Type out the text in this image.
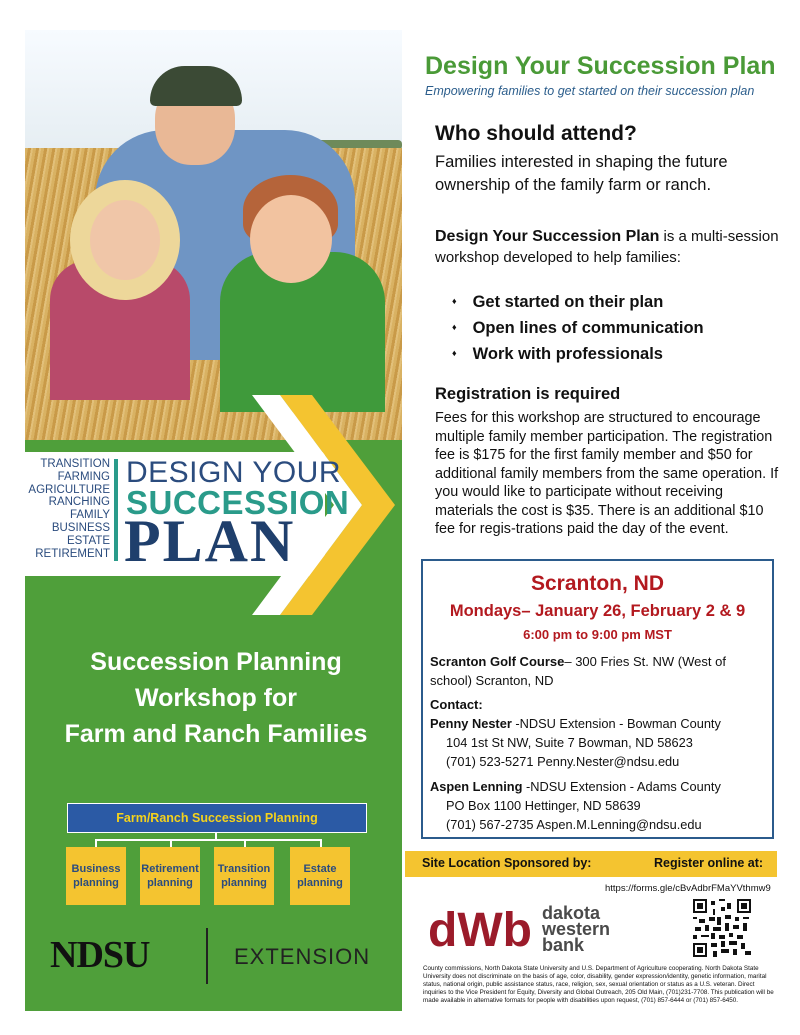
TRANSITION
FARMING
AGRICULTURE
RANCHING
FAMILY
BUSINESS
ESTATE
RETIREMENT
DESIGN YOUR
SUCCESSION
PLAN
Succession Planning
Workshop for
Farm and Ranch Families
Farm/Ranch Succession Planning
Business
planning
Retirement
planning
Transition
planning
Estate
planning
NDSU	EXTENSION
Design Your Succession Plan
Empowering families to get started on their succession plan
Who should attend?
Families interested in shaping the future ownership of the family farm or ranch.
Design Your Succession Plan is a multi-session workshop developed to help families:
♦ Get started on their plan
♦ Open lines of communication
♦ Work with professionals
Registration is required
Fees for this workshop are structured to encourage multiple family member participation. The registration fee is $175 for the first family member and $50 for additional family members from the same operation. If you would like to participate without receiving materials the cost is $35. There is an additional $10 fee for regis-trations paid the day of the event.
Scranton, ND
Mondays– January 26, February 2 & 9
6:00 pm to 9:00 pm MST
Scranton Golf Course– 300 Fries St. NW (West of school) Scranton, ND
Contact:
Penny Nester -NDSU Extension - Bowman County
104 1st St NW, Suite 7 Bowman, ND 58623
(701) 523-5271 Penny.Nester@ndsu.edu
Aspen Lenning -NDSU Extension - Adams County
PO Box 1100 Hettinger, ND 58639
(701) 567-2735 Aspen.M.Lenning@ndsu.edu
Site Location Sponsored by:	Register online at:
https://forms.gle/cBvAdbrFMaYVthmw9
dWb dakota
western
bank
County commissions, North Dakota State University and U.S. Department of Agriculture cooperating. North Dakota State University does not discriminate on the basis of age, color, disability, gender expression/identity, genetic information, marital status, national origin, public assistance status, race, religion, sex, sexual orientation or status as a U.S. veteran. Direct inquiries to the Vice President for Equity, Diversity and Global Outreach, 205 Old Main, (701)231-7708. This publication will be made available in alternative formats for people with disabilities upon request, (701) 857-6444 or (701) 857-6450.
